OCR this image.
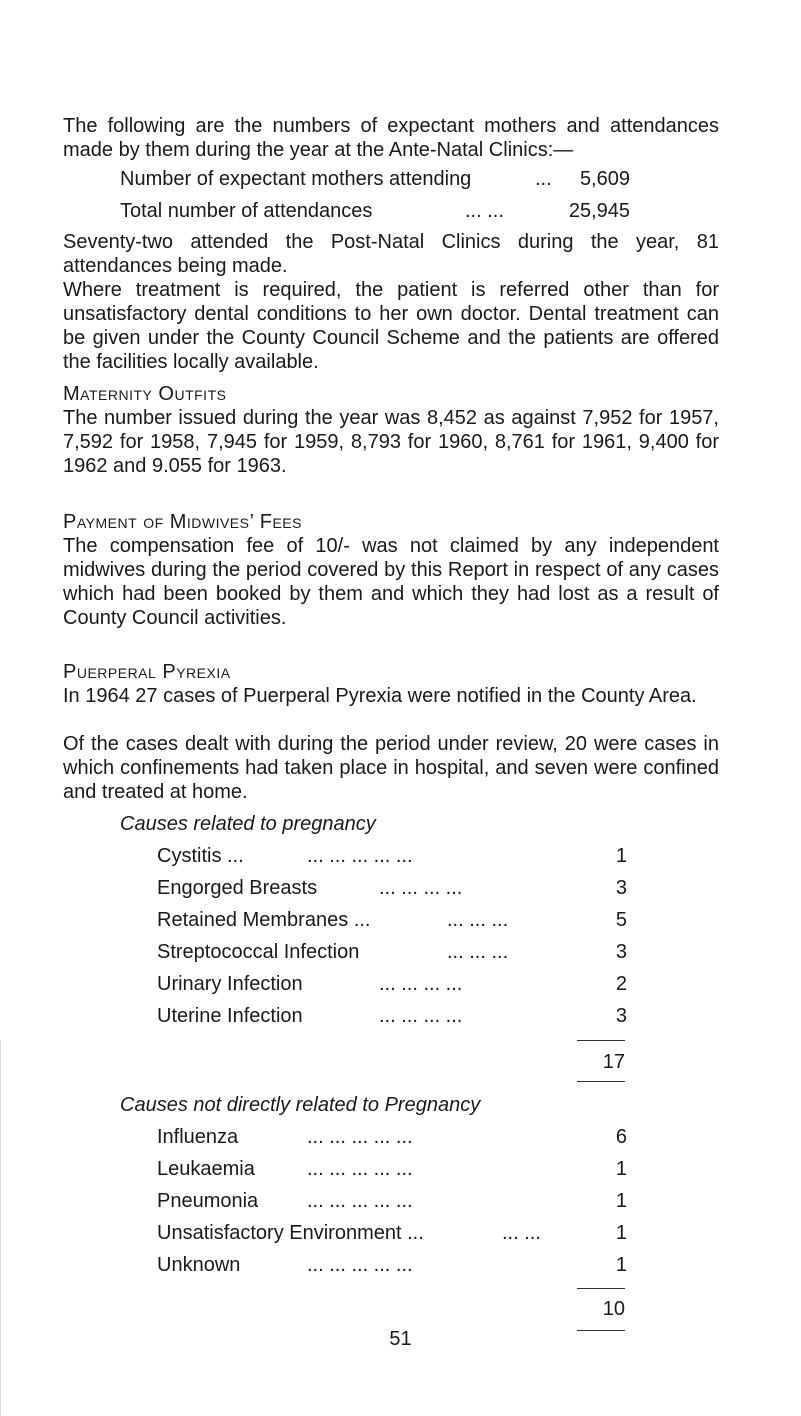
The following are the numbers of expectant mothers and attendances made by them during the year at the Ante-Natal Clinics:—

Number of expectant mothers attending	...	5,609
Total number of attendances	... ...	25,945

Seventy-two attended the Post-Natal Clinics during the year, 81 attendances being made.

Where treatment is required, the patient is referred other than for unsatisfactory dental conditions to her own doctor. Dental treatment can be given under the County Council Scheme and the patients are offered the facilities locally available.

Maternity Outfits

The number issued during the year was 8,452 as against 7,952 for 1957, 7,592 for 1958, 7,945 for 1959, 8,793 for 1960, 8,761 for 1961, 9,400 for 1962 and 9.055 for 1963.

Payment of Midwives’ Fees

The compensation fee of 10/- was not claimed by any independent midwives during the period covered by this Report in respect of any cases which had been booked by them and which they had lost as a result of County Council activities.

Puerperal Pyrexia

In 1964 27 cases of Puerperal Pyrexia were notified in the County Area.

Of the cases dealt with during the period under review, 20 were cases in which confinements had taken place in hospital, and seven were confined and treated at home.

Causes related to pregnancy
Cystitis ...	... ... ... ... ...	1
Engorged Breasts	... ... ... ...	3
Retained Membranes ...	... ... ...	5
Streptococcal Infection	... ... ...	3
Urinary Infection	... ... ... ...	2
Uterine Infection	... ... ... ...	3
17
Causes not directly related to Pregnancy
Influenza	... ... ... ... ...	6
Leukaemia	... ... ... ... ...	1
Pneumonia ... ... ... ... ...	1
Unsatisfactory Environment ...	... ...	1
Unknown	... ... ... ... ...	1
10
51
